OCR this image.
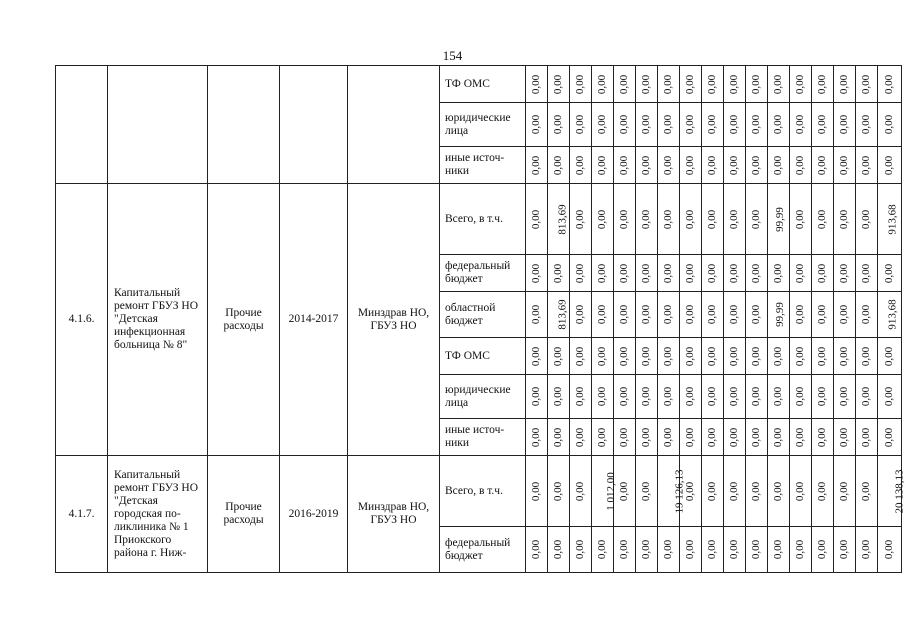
154
					ТФ ОМС	0,00	0,00	0,00	0,00	0,00	0,00	0,00	0,00	0,00	0,00	0,00	0,00	0,00	0,00	0,00	0,00	0,00
					юридические лица	0,00	0,00	0,00	0,00	0,00	0,00	0,00	0,00	0,00	0,00	0,00	0,00	0,00	0,00	0,00	0,00	0,00
					иные источ-ники	0,00	0,00	0,00	0,00	0,00	0,00	0,00	0,00	0,00	0,00	0,00	0,00	0,00	0,00	0,00	0,00	0,00
4.1.6.	Капитальный ремонт ГБУЗ НО "Детская инфекционная больница № 8"	Прочие расходы	2014-2017	Минздрав НО, ГБУЗ НО	Всего, в т.ч.	0,00	813,69	0,00	0,00	0,00	0,00	0,00	0,00	0,00	0,00	0,00	99,99	0,00	0,00	0,00	0,00	913,68
					федеральный бюджет	0,00	0,00	0,00	0,00	0,00	0,00	0,00	0,00	0,00	0,00	0,00	0,00	0,00	0,00	0,00	0,00	0,00
					областной бюджет	0,00	813,69	0,00	0,00	0,00	0,00	0,00	0,00	0,00	0,00	0,00	99,99	0,00	0,00	0,00	0,00	913,68
					ТФ ОМС	0,00	0,00	0,00	0,00	0,00	0,00	0,00	0,00	0,00	0,00	0,00	0,00	0,00	0,00	0,00	0,00	0,00
					юридические лица	0,00	0,00	0,00	0,00	0,00	0,00	0,00	0,00	0,00	0,00	0,00	0,00	0,00	0,00	0,00	0,00	0,00
					иные источ-ники	0,00	0,00	0,00	0,00	0,00	0,00	0,00	0,00	0,00	0,00	0,00	0,00	0,00	0,00	0,00	0,00	0,00
4.1.7.	Капитальный ремонт ГБУЗ НО "Детская городская по-ликлиника № 1 Приокского района г. Ниж-	Прочие расходы	2016-2019	Минздрав НО, ГБУЗ НО	Всего, в т.ч.	0,00	0,00	0,00	1 012,00	0,00	0,00	19 126,13	0,00	0,00	0,00	0,00	0,00	0,00	0,00	0,00	0,00	20 138,13
					федеральный бюджет	0,00	0,00	0,00	0,00	0,00	0,00	0,00	0,00	0,00	0,00	0,00	0,00	0,00	0,00	0,00	0,00	0,00
